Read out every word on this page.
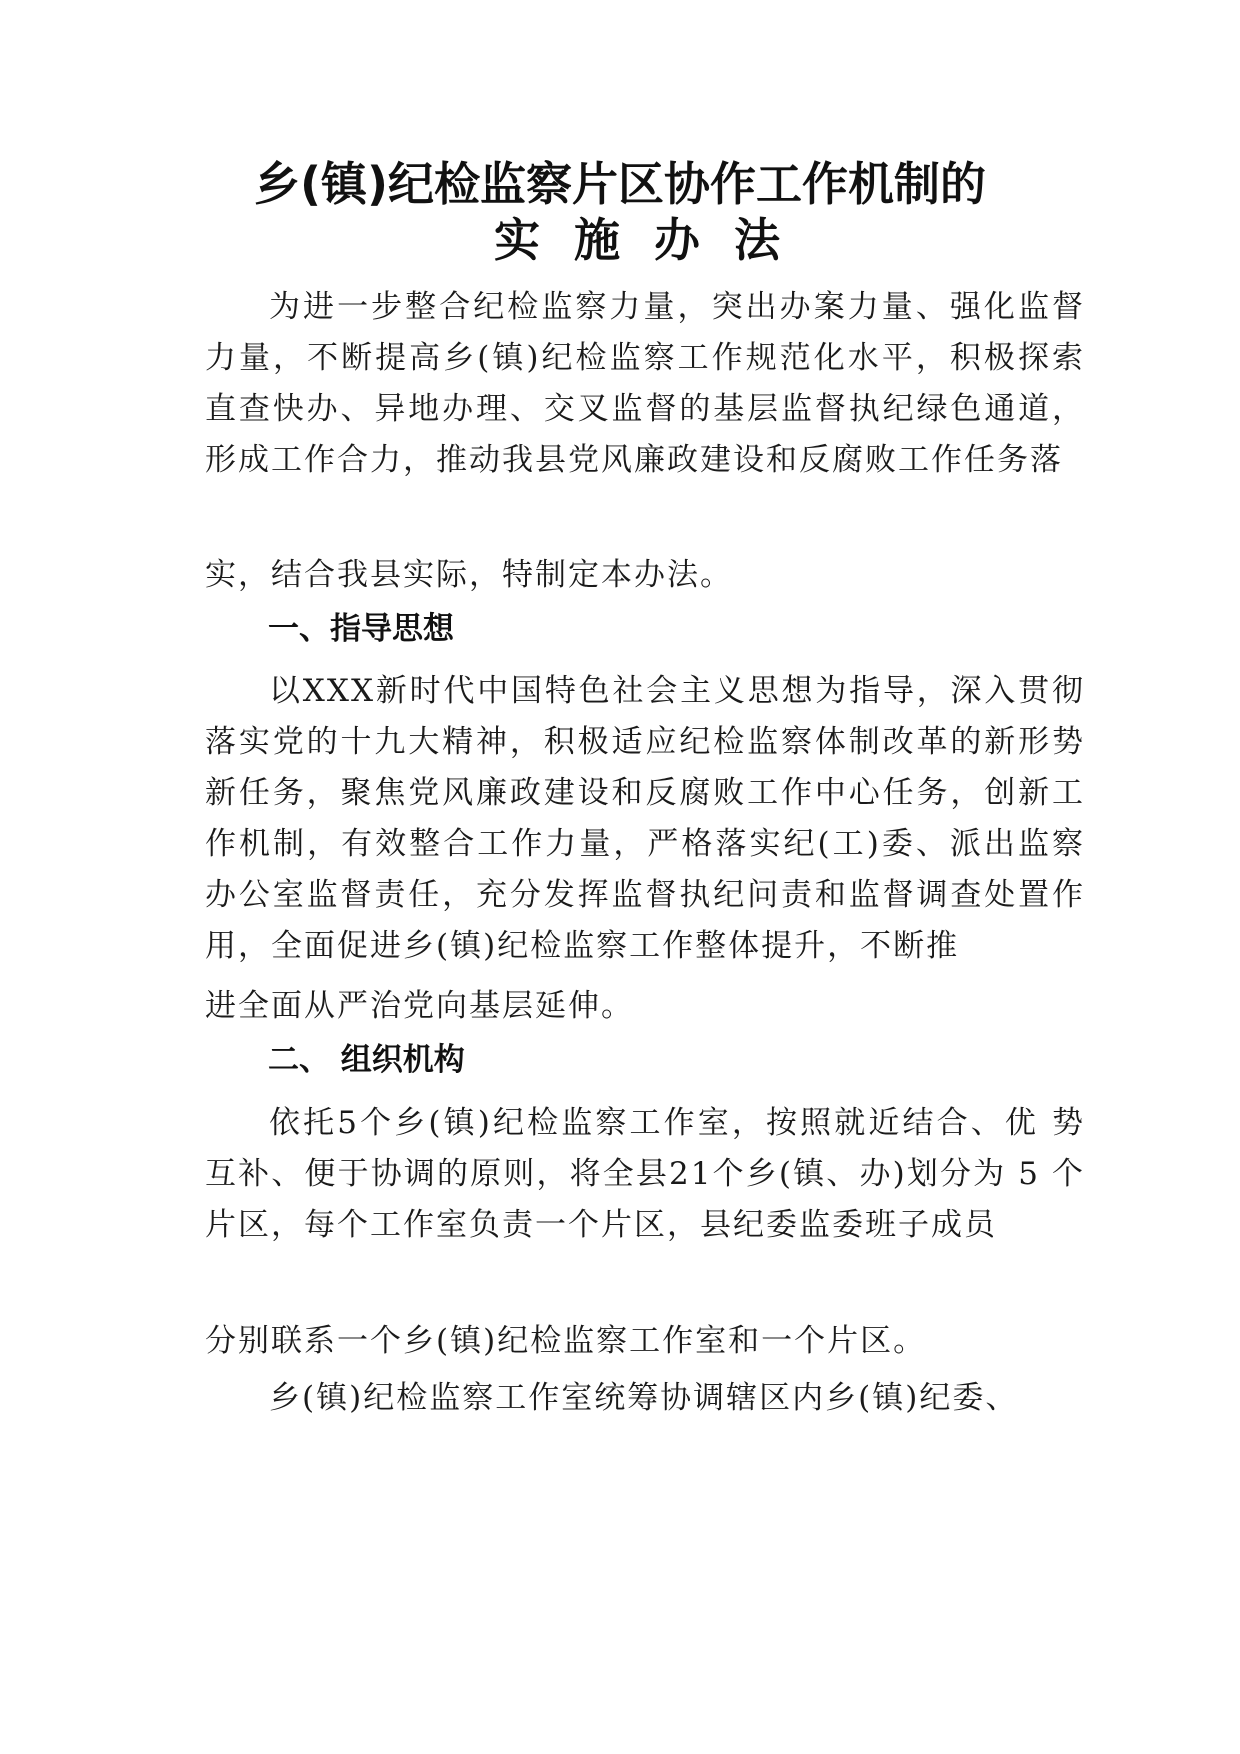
乡(镇)纪检监察片区协作工作机制的
实施办法
为进一步整合纪检监察力量，突出办案力量、强化监督力量，不断提高乡(镇)纪检监察工作规范化水平，积极探索直查快办、异地办理、交叉监督的基层监督执纪绿色通道， 形成工作合力，推动我县党风廉政建设和反腐败工作任务落
实，结合我县实际，特制定本办法。
一、指导思想
以XXX新时代中国特色社会主义思想为指导，深入贯彻落实党的十九大精神，积极适应纪检监察体制改革的新形势新任务，聚焦党风廉政建设和反腐败工作中心任务，创新工作机制，有效整合工作力量，严格落实纪(工)委、派出监察办公室监督责任，充分发挥监督执纪问责和监督调查处置作用，全面促进乡(镇)纪检监察工作整体提升，不断推
进全面从严治党向基层延伸。
二、 组织机构
依托5个乡(镇)纪检监察工作室，按照就近结合、优 势互补、便于协调的原则，将全县21个乡(镇、办)划分为 5 个片区，每个工作室负责一个片区，县纪委监委班子成员
分别联系一个乡(镇)纪检监察工作室和一个片区。
乡(镇)纪检监察工作室统筹协调辖区内乡(镇)纪委、
